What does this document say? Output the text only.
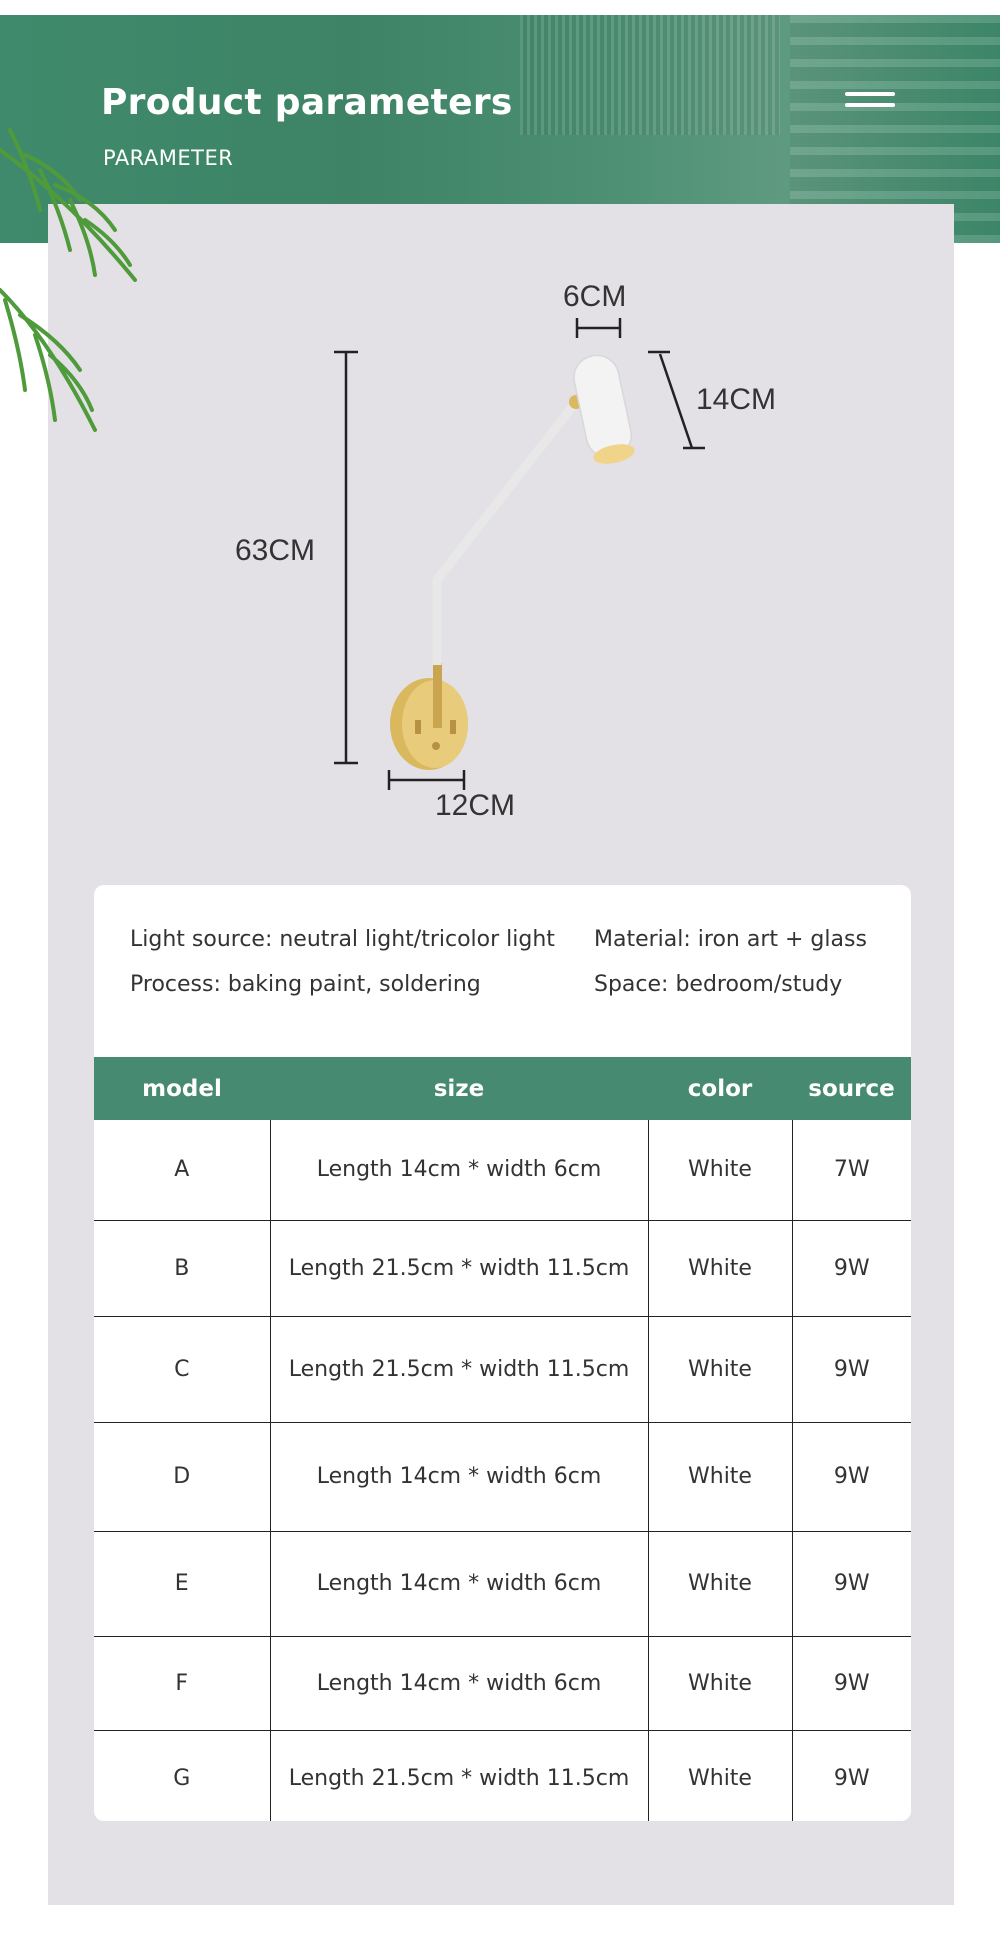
Product parameters
PARAMETER
12CM
6CM
14CM
63CM
Light source: neutral light/tricolor light Material: iron art + glass
Process: baking paint, soldering	Space: bedroom/study
model	size	color	source
A	Length 14cm * width 6cm	White	7W
B	Length 21.5cm * width 11.5cm	White	9W
C	Length 21.5cm * width 11.5cm	White	9W
D	Length 14cm * width 6cm	White	9W
E	Length 14cm * width 6cm	White	9W
F	Length 14cm * width 6cm	White	9W
G	Length 21.5cm * width 11.5cm	White	9W
